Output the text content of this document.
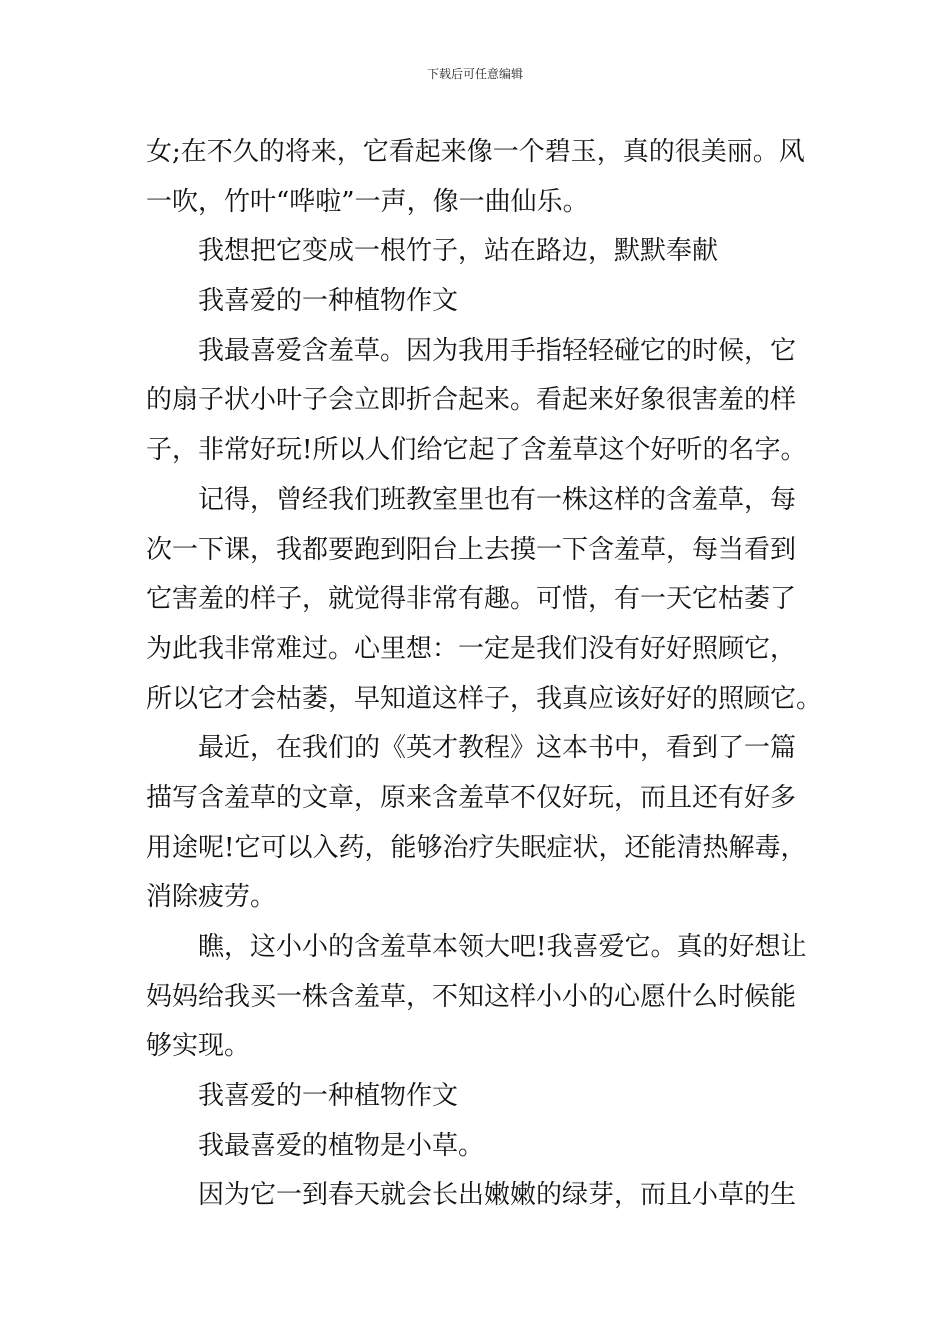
下载后可任意编辑
女;在不久的将来，它看起来像一个碧玉，真的很美丽。风
一吹，竹叶“哗啦”一声，像一曲仙乐。
我想把它变成一根竹子，站在路边，默默奉献
我喜爱的一种植物作文
我最喜爱含羞草。因为我用手指轻轻碰它的时候，它
的扇子状小叶子会立即折合起来。看起来好象很害羞的样
子，非常好玩!所以人们给它起了含羞草这个好听的名字。
记得，曾经我们班教室里也有一株这样的含羞草，每
次一下课，我都要跑到阳台上去摸一下含羞草，每当看到
它害羞的样子，就觉得非常有趣。可惜，有一天它枯萎了
为此我非常难过。心里想：一定是我们没有好好照顾它，
所以它才会枯萎，早知道这样子，我真应该好好的照顾它。
最近，在我们的《英才教程》这本书中，看到了一篇
描写含羞草的文章，原来含羞草不仅好玩，而且还有好多
用途呢!它可以入药，能够治疗失眠症状，还能清热解毒，
消除疲劳。
瞧，这小小的含羞草本领大吧!我喜爱它。真的好想让
妈妈给我买一株含羞草，不知这样小小的心愿什么时候能
够实现。
我喜爱的一种植物作文
我最喜爱的植物是小草。
因为它一到春天就会长出嫩嫩的绿芽，而且小草的生
